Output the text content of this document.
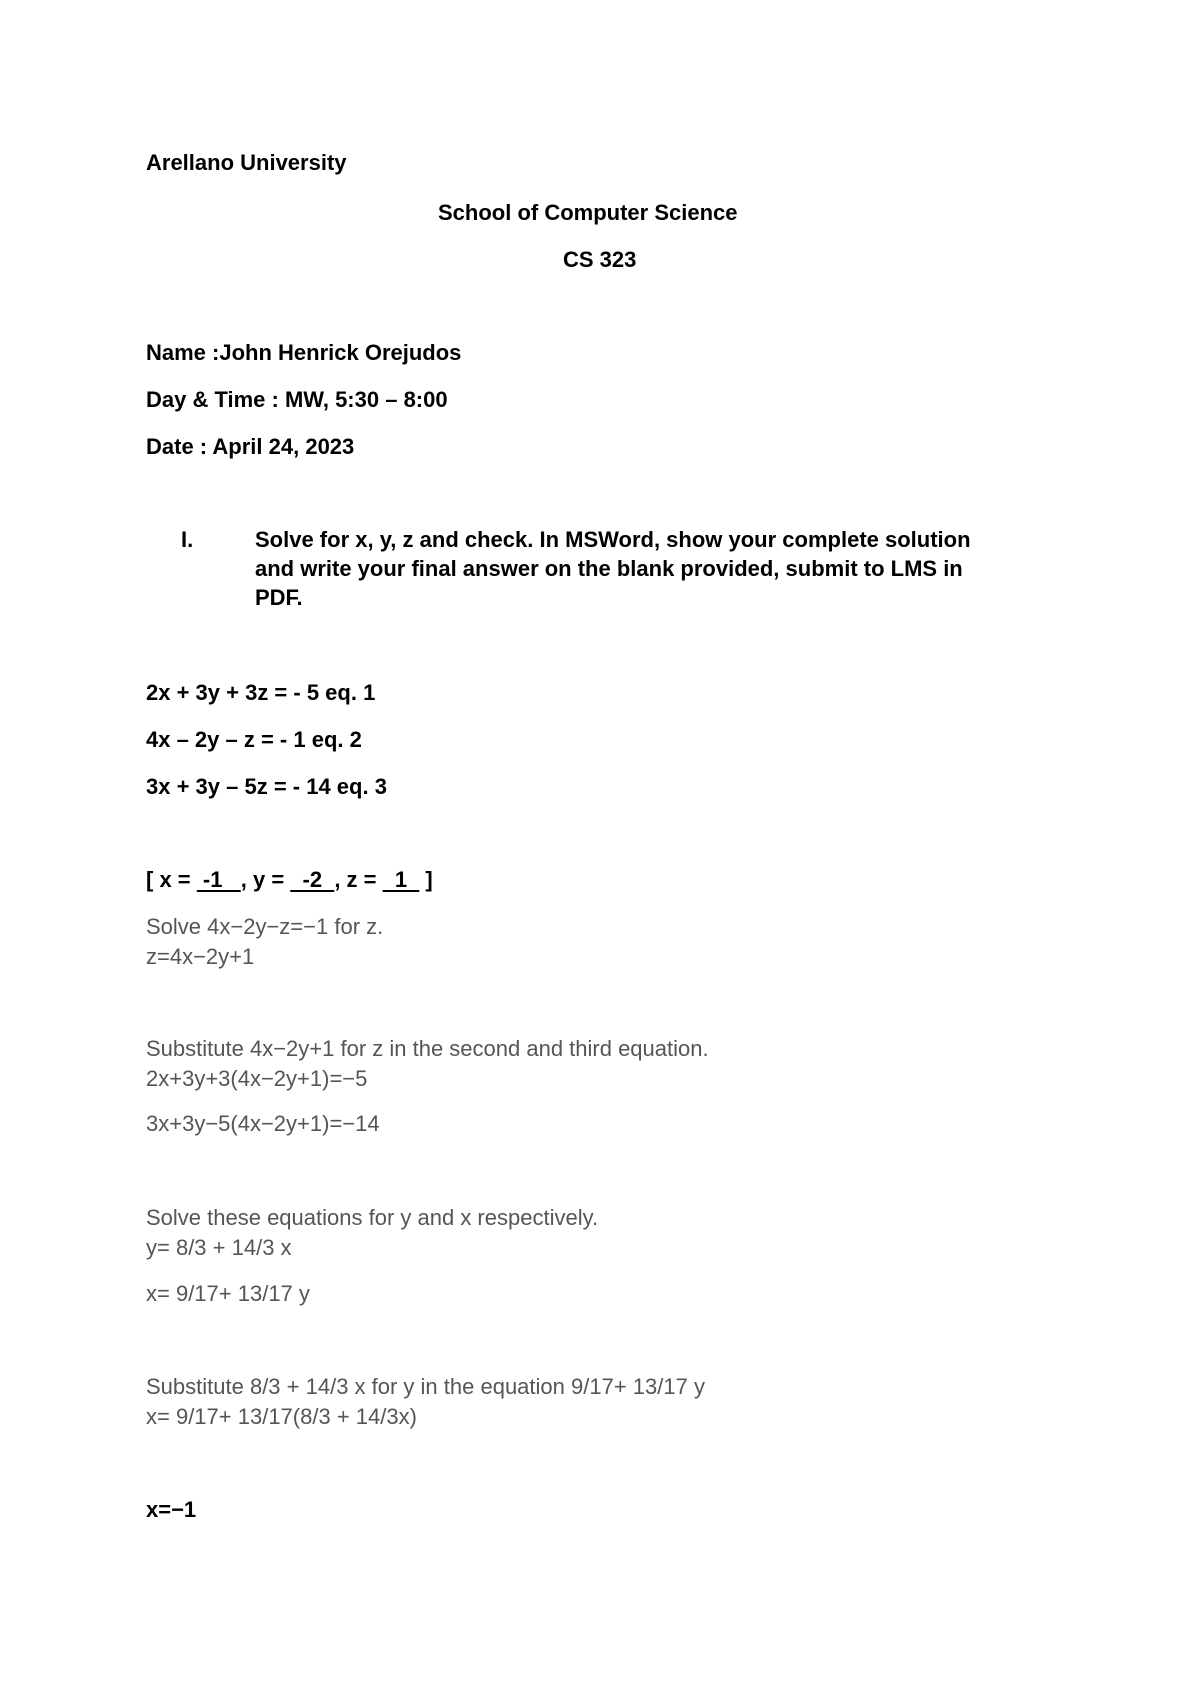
Arellano University
School of Computer Science
CS 323
Name :John Henrick Orejudos
Day & Time : MW, 5:30 – 8:00
Date : April 24, 2023
I.	Solve for x, y, z and check. In MSWord, show your complete solution
and write your final answer on the blank provided, submit to LMS in
PDF.
2x + 3y + 3z = - 5 eq. 1
4x – 2y – z = - 1 eq. 2
3x + 3y – 5z = - 14 eq. 3
[ x =  -1   , y =   -2  , z =   1   ]
Solve 4x−2y−z=−1 for z.
z=4x−2y+1
Substitute 4x−2y+1 for z in the second and third equation.
2x+3y+3(4x−2y+1)=−5
3x+3y−5(4x−2y+1)=−14
Solve these equations for y and x respectively.
y= 8/3 + 14/3 x
x= 9/17+ 13/17 y
Substitute 8/3 + 14/3 x for y in the equation 9/17+ 13/17 y
x= 9/17+ 13/17(8/3 + 14/3x)
x=−1
